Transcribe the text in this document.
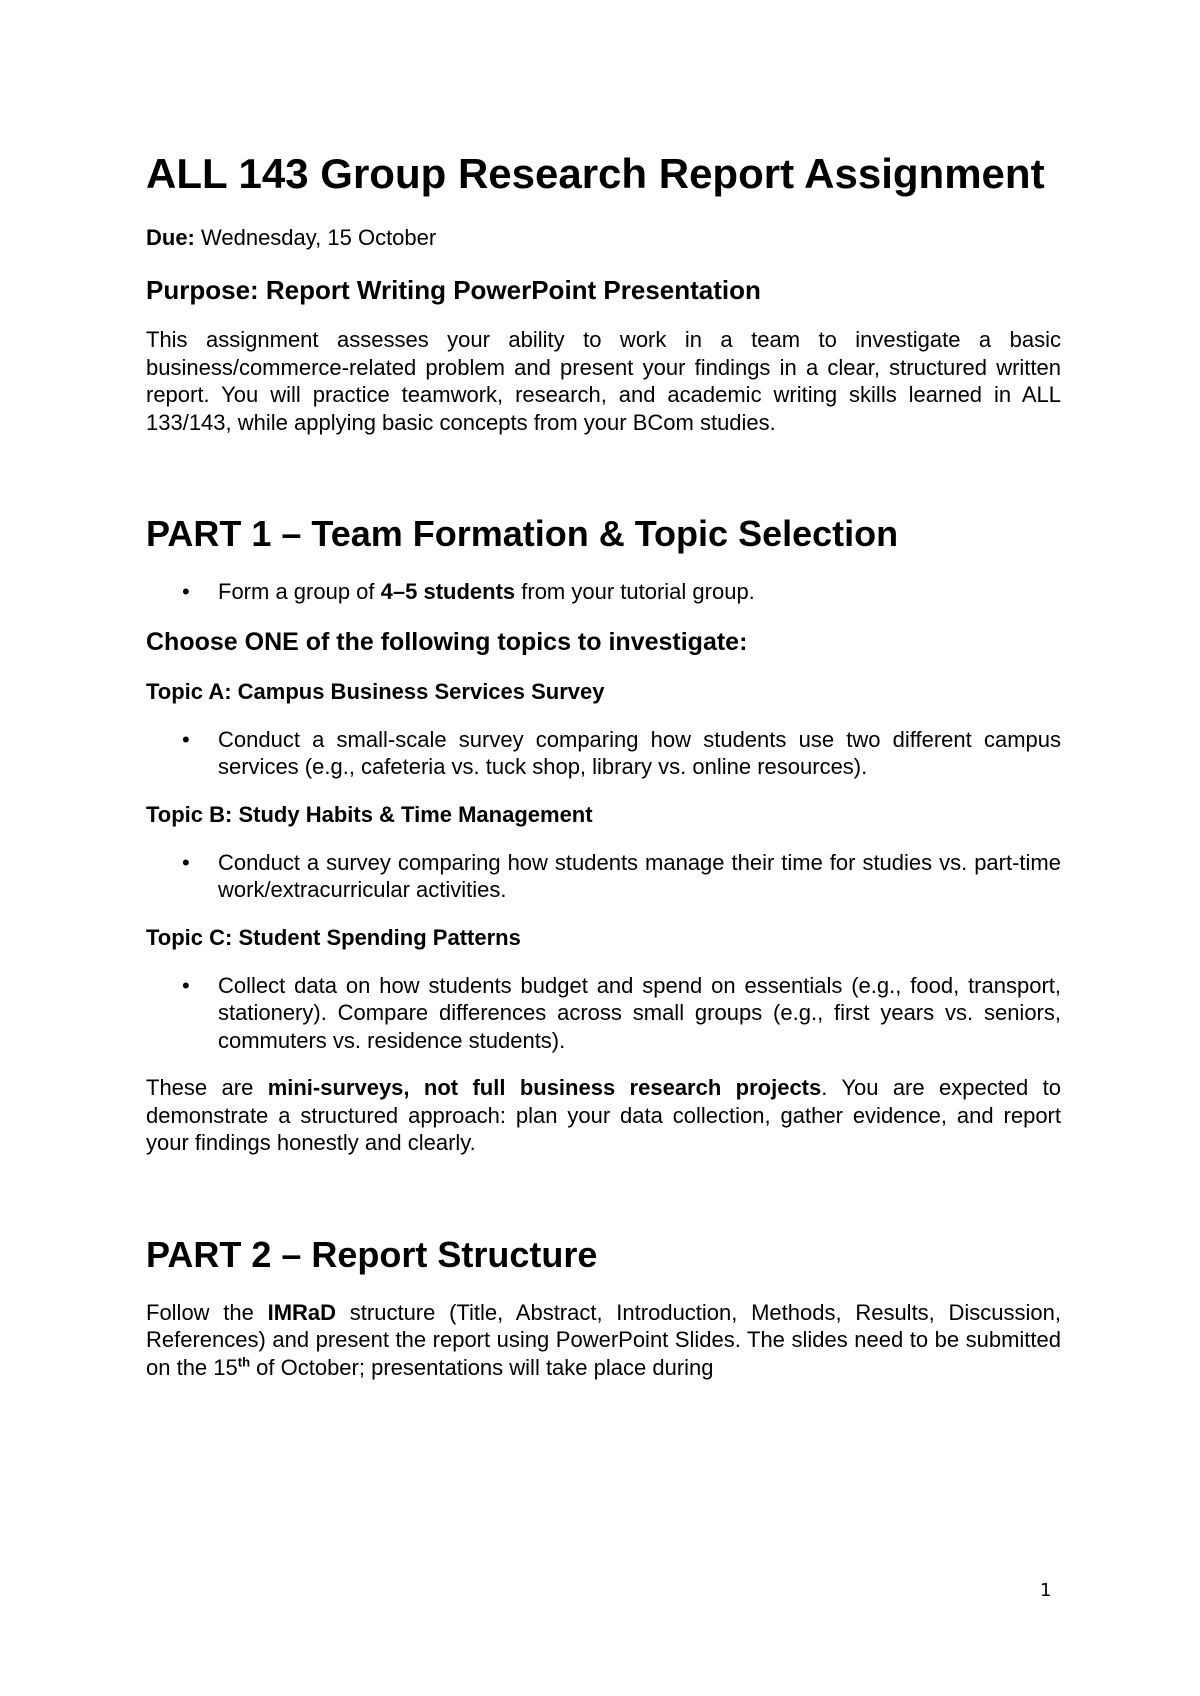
ALL 143 Group Research Report Assignment
Due: Wednesday, 15 October
Purpose: Report Writing PowerPoint Presentation

This assignment assesses your ability to work in a team to investigate a basic business/commerce-related problem and present your findings in a clear, structured written report. You will practice teamwork, research, and academic writing skills learned in ALL 133/143, while applying basic concepts from your BCom studies.

PART 1 – Team Formation & Topic Selection
•	Form a group of 4–5 students from your tutorial group.
Choose ONE of the following topics to investigate:
Topic A: Campus Business Services Survey
•	Conduct a small-scale survey comparing how students use two different campus services (e.g., cafeteria vs. tuck shop, library vs. online resources).
Topic B: Study Habits & Time Management
•	Conduct a survey comparing how students manage their time for studies vs. part-time work/extracurricular activities.
Topic C: Student Spending Patterns
•	Collect data on how students budget and spend on essentials (e.g., food, transport, stationery). Compare differences across small groups (e.g., first years vs. seniors, commuters vs. residence students).

These are mini-surveys, not full business research projects. You are expected to demonstrate a structured approach: plan your data collection, gather evidence, and report your findings honestly and clearly.

PART 2 – Report Structure

Follow the IMRaD structure (Title, Abstract, Introduction, Methods, Results, Discussion, References) and present the report using PowerPoint Slides. The slides need to be submitted on the 15th of October; presentations will take place during

1
